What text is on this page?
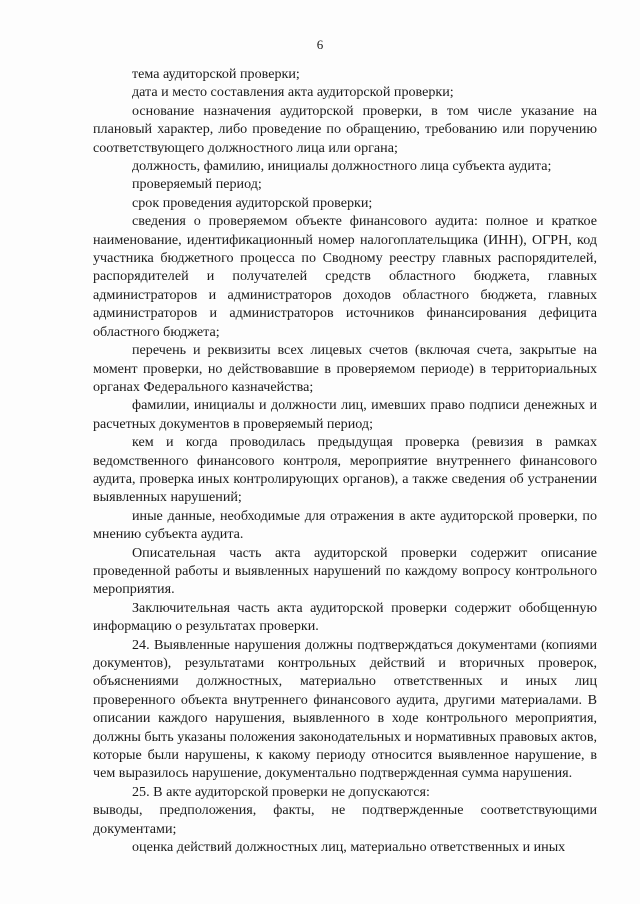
6

тема аудиторской проверки;

дата и место составления акта аудиторской проверки;

основание назначения аудиторской проверки, в том числе указание на плановый характер, либо проведение по обращению, требованию или поручению соответствующего должностного лица или органа;

должность, фамилию, инициалы должностного лица субъекта аудита;

проверяемый период;

срок проведения аудиторской проверки;

сведения о проверяемом объекте финансового аудита: полное и краткое наименование, идентификационный номер налогоплательщика (ИНН), ОГРН, код участника бюджетного процесса по Сводному реестру главных распорядителей, распорядителей и получателей средств областного бюджета, главных администраторов и администраторов доходов областного бюджета, главных администраторов и администраторов источников финансирования дефицита областного бюджета;

перечень и реквизиты всех лицевых счетов (включая счета, закрытые на момент проверки, но действовавшие в проверяемом периоде) в территориальных органах Федерального казначейства;

фамилии, инициалы и должности лиц, имевших право подписи денежных и расчетных документов в проверяемый период;

кем и когда проводилась предыдущая проверка (ревизия в рамках ведомственного финансового контроля, мероприятие внутреннего финансового аудита, проверка иных контролирующих органов), а также сведения об устранении выявленных нарушений;

иные данные, необходимые для отражения в акте аудиторской проверки, по мнению субъекта аудита.

Описательная часть акта аудиторской проверки содержит описание проведенной работы и выявленных нарушений по каждому вопросу контрольного мероприятия.

Заключительная часть акта аудиторской проверки содержит обобщенную информацию о результатах проверки.

24. Выявленные нарушения должны подтверждаться документами (копиями документов), результатами контрольных действий и вторичных проверок, объяснениями должностных, материально ответственных и иных лиц проверенного объекта внутреннего финансового аудита, другими материалами. В описании каждого нарушения, выявленного в ходе контрольного мероприятия, должны быть указаны положения законодательных и нормативных правовых актов, которые были нарушены, к какому периоду относится выявленное нарушение, в чем выразилось нарушение, документально подтвержденная сумма нарушения.

25. В акте аудиторской проверки не допускаются:

выводы, предположения, факты, не подтвержденные соответствующими документами;

оценка действий должностных лиц, материально ответственных и иных
